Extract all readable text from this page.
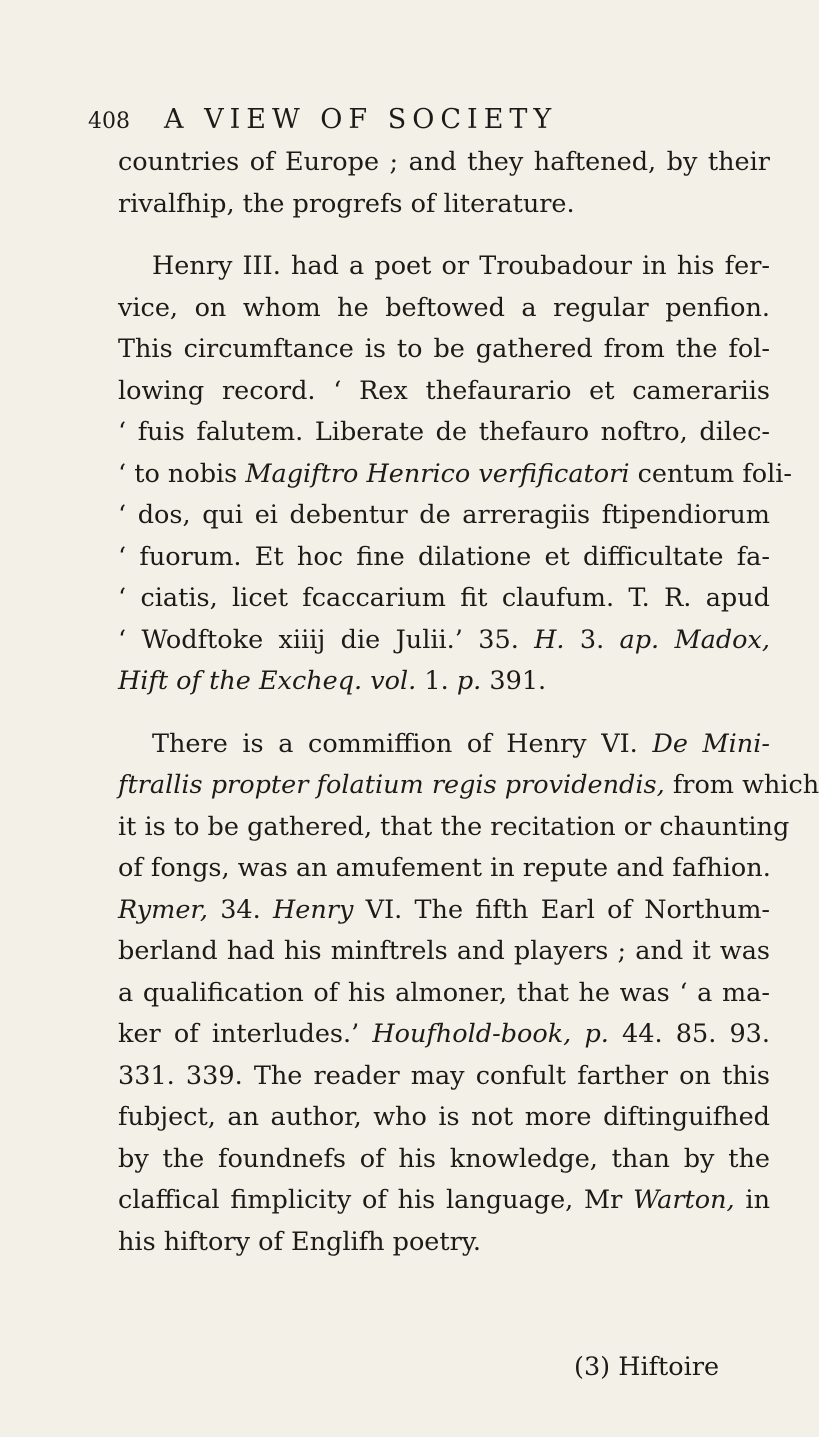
408 A VIEW OF SOCIETY
countries of Europe ; and they haftened, by their
rivalfhip, the progrefs of literature.
Henry III. had a poet or Troubadour in his fer-
vice, on whom he beftowed a regular penfion.
This circumftance is to be gathered from the fol-
lowing record. ‘ Rex thefaurario et camerariis
‘ fuis falutem. Liberate de thefauro noftro, dilec-
‘ to nobis Magiftro Henrico verfificatori centum foli-
‘ dos, qui ei debentur de arreragiis ftipendiorum
‘ fuorum. Et hoc fine dilatione et difficultate fa-
‘ ciatis, licet fcaccarium fit claufum. T. R. apud
‘ Wodftoke xiiij die Julii.’ 35. H. 3. ap. Madox,
Hift of the Excheq. vol. 1. p. 391.
There is a commiffion of Henry VI. De Mini-
ftrallis propter folatium regis providendis, from which
it is to be gathered, that the recitation or chaunting
of fongs, was an amufement in repute and fafhion.
Rymer, 34. Henry VI. The fifth Earl of Northum-
berland had his minftrels and players ; and it was
a qualification of his almoner, that he was ‘ a ma-
ker of interludes.’ Houfhold-book, p. 44. 85. 93.
331. 339. The reader may confult farther on this
fubject, an author, who is not more diftinguifhed
by the foundnefs of his knowledge, than by the
claffical fimplicity of his language, Mr Warton, in
his hiftory of Englifh poetry.
(3) Hiftoire
